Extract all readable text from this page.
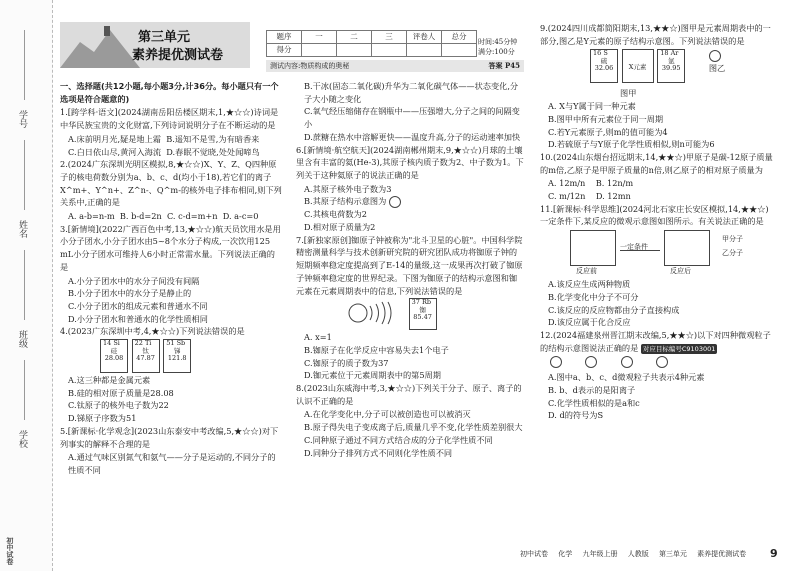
学号
姓名
班级
学校
初中试卷
第三单元
素养提优测试卷
题序	一	二	三	评卷人	总分
得分					
时间:45分钟
满分:100分
测试内容:物质构成的奥秘	答案 P45
一、选择题(共12小题,每小题3分,计36分。每小题只有一个选项是符合题意的)
1.[跨学科·语文](2024湖南岳阳岳楼区期末,1,★☆☆)诗词是中华民族宝贵的文化财富,下列诗词说明分子在不断运动的是
A.床前明月光,疑是地上霜 B.遥知不是雪,为有暗香来
C.白日依山尽,黄河入海流 D.春眠不觉晓,处处闻啼鸟
2.(2024广东深圳光明区模拟,8,★☆☆)X、Y、Z、Q四种原子的核电荷数分别为a、b、c、d(均小于18),若它们的离子X^m+、Y^n+、Z^n-、Q^m-的核外电子排布相同,则下列关系中,正确的是
A. a-b=n-m B. b-d=2n C. c-d=m+n D. a-c=0
3.[新情境](2022广西百色中考,13,★☆☆)航天员饮用水是用小分子团水,小分子团水由5~8个水分子构成,一次饮用125 mL小分子团水可维持人6小时正常需水量。下列说法正确的是
A.小分子团水中的水分子间没有间隔
B.小分子团水中的水分子是静止的
C.小分子团水的组成元素和普通水不同
D.小分子团水和普通水的化学性质相同
4.(2023广东深圳中考,4,★☆☆)下列说法错误的是
14 Si
硅
28.08

22 Ti
钛
47.87

51 Sb
锑
121.8
A.这三种都是金属元素
B.硅的相对原子质量是28.08
C.钛原子的核外电子数为22
D.锑原子序数为51
5.[新课标·化学观念](2023山东泰安中考改编,5,★☆☆)对下列事实的解释不合理的是
A.通过气味区别氮气和氨气——分子是运动的,不同分子的性质不同
B.干冰(固态二氧化碳)升华为二氧化碳气体——状态变化,分子大小随之变化
C.氧气经压缩储存在钢瓶中——压强增大,分子之间的间隔变小
D.蔗糖在热水中溶解更快——温度升高,分子的运动速率加快
6.[新情境·航空航天](2024湖南郴州期末,9,★☆☆)月球的土壤里含有丰富的氦(He-3),其原子核内质子数为2、中子数为1。下列关于这种氦原子的说法正确的是
A.其原子核外电子数为3
B.其原子结构示意图为
C.其核电荷数为2
D.相对原子质量为2
7.[新独家原创]铷原子钟被称为"北斗卫星的心脏"。中国科学院精密测量科学与技术创新研究院的研究团队成功将铷原子钟的短期频率稳定度提高到了E-14的量级,这一成果再次打破了铷原子钟频率稳定度的世界纪录。下图为铷原子的结构示意图和铷元素在元素周期表中的信息,下列说法错误的是

37 Rb
铷
85.47
A. x=1
B.铷原子在化学反应中容易失去1个电子
C.铷原子的质子数为37
D.铷元素位于元素周期表中的第5周期
8.(2023山东威海中考,3,★☆☆)下列关于分子、原子、离子的认识不正确的是
A.在化学变化中,分子可以被创造也可以被消灭
B.原子得失电子变成离子后,质量几乎不变,化学性质差别很大
C.同种原子通过不同方式结合成的分子化学性质不同
D.同种分子排列方式不同则化学性质不同
9.(2024四川成都简阳期末,13,★★☆)图甲是元素周期表中的一部分,图乙是Y元素的原子结构示意图。下列说法错误的是
16 S
硫
32.06	X元素
18 Ar
氩
39.95
	图乙
图甲
A. X与Y属于同一种元素
B.图甲中所有元素位于同一周期
C.若Y元素原子,则m的值可能为4
D.若硫原子与Y原子化学性质相似,则n可能为6
10.(2024山东烟台招远期末,14,★★☆)甲原子是碳-12原子质量的m倍,乙原子是甲原子质量的n倍,则乙原子的相对原子质量为
A. 12m/n B. 12n/m
C. m/12n D. 12mn
11.[新课标·科学思维](2024河北石家庄长安区模拟,14,★★☆)一定条件下,某反应的微观示意图如图所示。有关说法正确的是
一定条件
反应前	反应后
甲分子
乙分子
A.该反应生成两种物质
B.化学变化中分子不可分
C.该反应的反应物都由分子直接构成
D.该反应属于化合反应
12.(2024福建泉州晋江期末改编,5,★★☆)以下对四种微观粒子的结构示意图说法正确的是 对应目标编号C9103001

A.图中a、b、c、d微观粒子共表示4种元素
B. b、d表示的是阳离子
C.化学性质相似的是a和c
D. d的符号为S
初中试卷 化学 九年级上册 人教版 第三单元 素养提优测试卷	9
